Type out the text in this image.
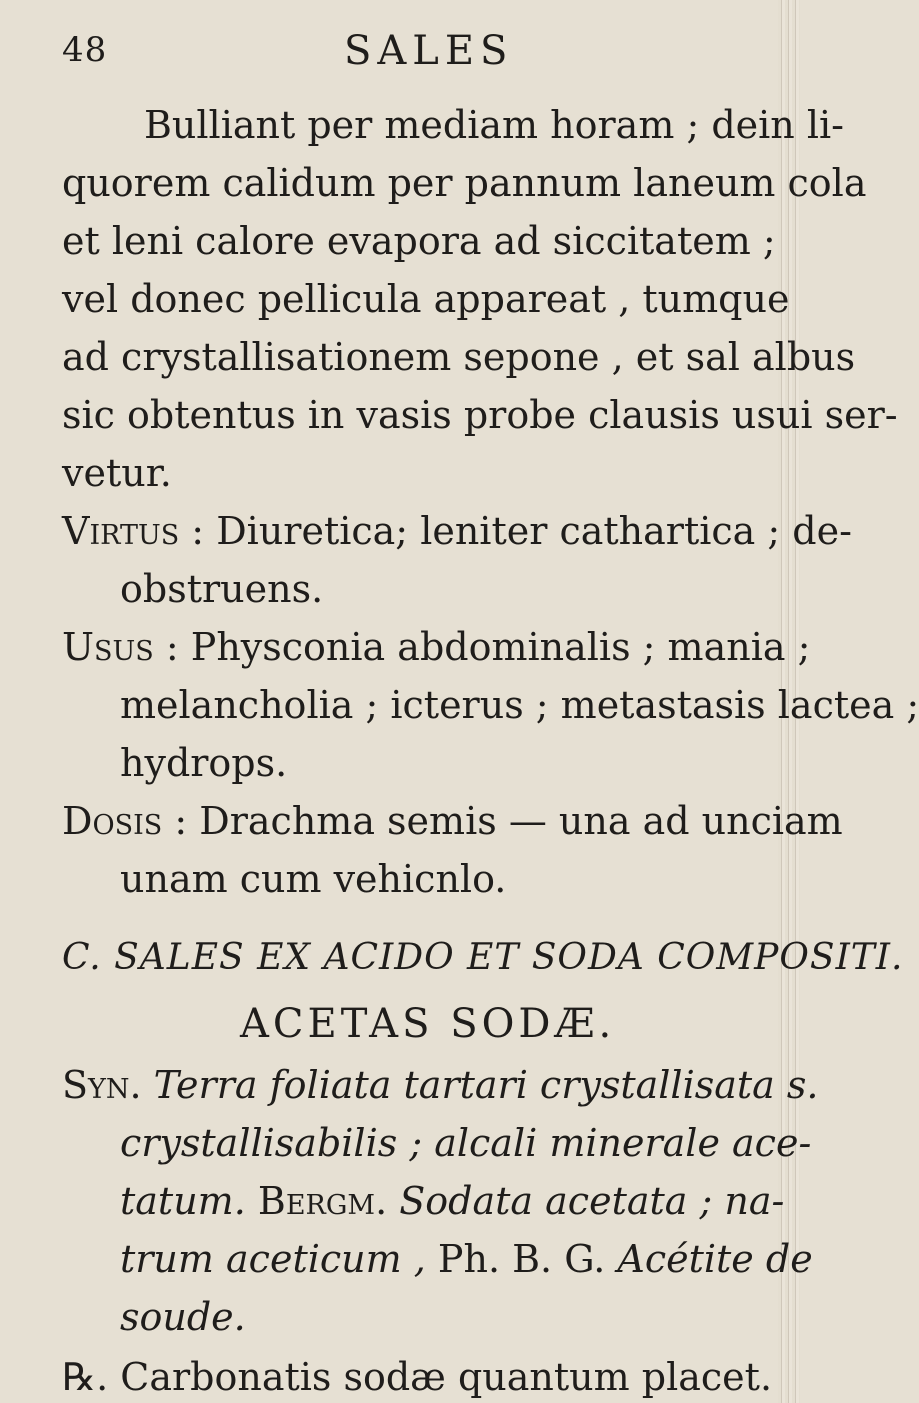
48	SALES
Bulliant per mediam horam ; dein li-
quorem calidum per pannum laneum cola
et leni calore evapora ad siccitatem ;
vel donec pellicula appareat , tumque
ad crystallisationem sepone , et sal albus
sic obtentus in vasis probe clausis usui ser-
vetur.
Virtus : Diuretica; leniter cathartica ; de-
obstruens.
Usus : Physconia abdominalis ; mania ;
melancholia ; icterus ; metastasis lactea ;
hydrops.
Dosis : Drachma semis — una ad unciam
unam cum vehicnlo.
C. SALES EX ACIDO ET SODA COMPOSITI.
ACETAS SODÆ.
Syn. Terra foliata tartari crystallisata s.
crystallisabilis ; alcali minerale ace-
tatum. Bergm. Sodata acetata ; na-
trum aceticum , Ph. B. G. Acétite de
soude.
℞. Carbonatis sodæ quantum placet.
